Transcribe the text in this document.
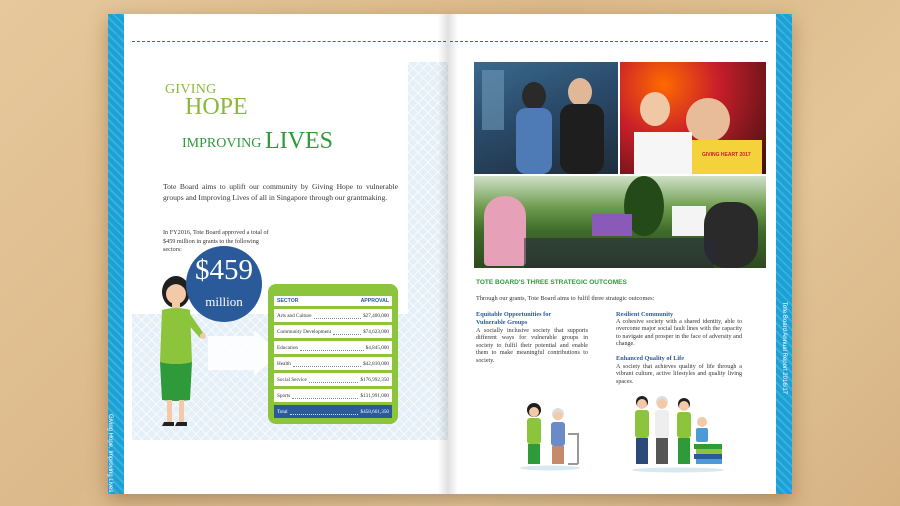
Giving Hope, Improving Lives
40
GIVING
HOPE
IMPROVING LIVES
Tote Board aims to uplift our community by Giving Hope to vulnerable groups and Improving Lives of all in Singapore through our grantmaking.
In FY2016, Tote Board approved a total of $459 million in grants to the following sectors:
$459
million	SECTOR	APPROVAL
Arts and Culture	$27,400,000
Community Development	$74,623,000
Education	$4,845,000
Health	$42,810,000
Social Service	$176,992,350
Sports	$131,991,000
Total	$458,661,350
Tote Board Annual Report 2016/17
41
GIVING HEART 2017
TOTE BOARD'S THREE STRATEGIC OUTCOMES
Through our grants, Tote Board aims to fulfil three strategic outcomes:
Equitable Opportunities for Vulnerable Groups
A socially inclusive society that supports different ways for vulnerable groups in society to fulfil their potential and enable them to make meaningful contributions to society.
Resilient Community
A cohesive society with a shared identity, able to overcome major social fault lines with the capacity to navigate and prosper in the face of adversity and change.
Enhanced Quality of Life
A society that achieves quality of life through a vibrant culture, active lifestyles and quality living spaces.
